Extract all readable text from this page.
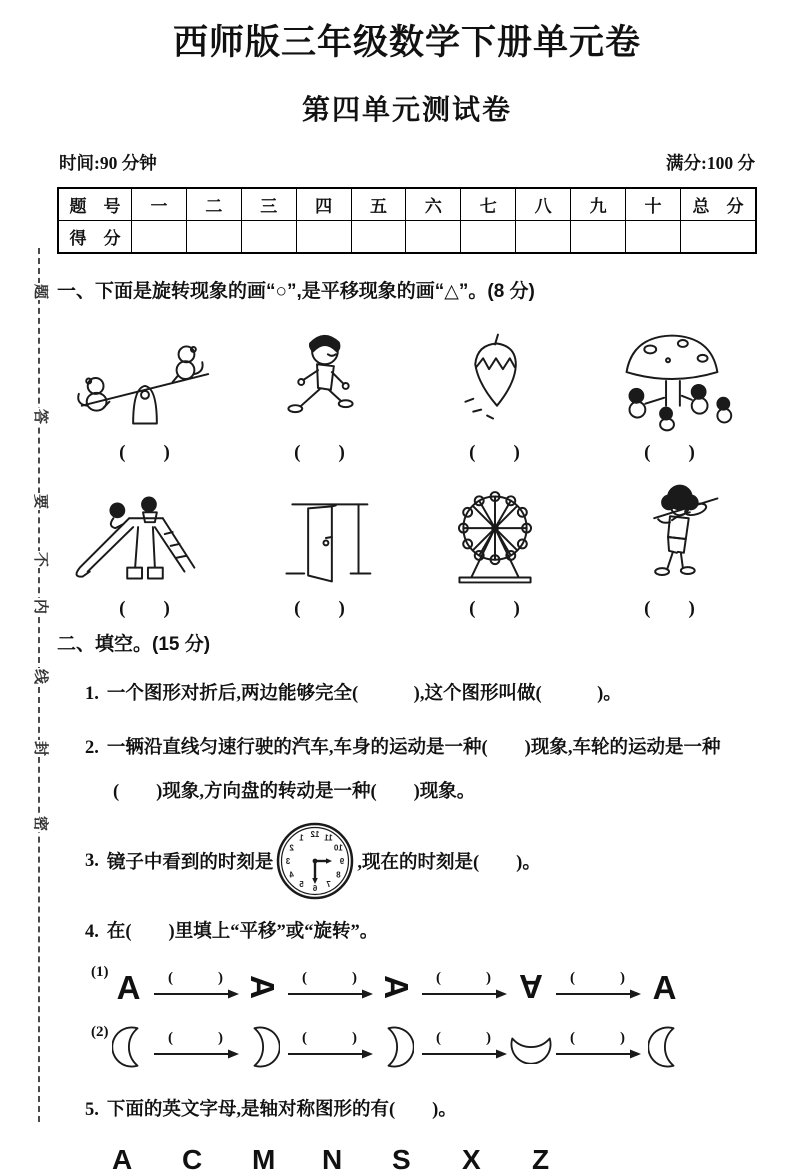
题
答
要
不
内
线
封
密
西师版三年级数学下册单元卷
第四单元测试卷
时间:90 分钟	满分:100 分
题　号	一	二	三	四	五	六	七	八	九	十	总　分
得　分											
一、下面是旋转现象的画“○”,是平移现象的画“△”。(8 分)
(　　)	(　　)	(　　)	(　　)
(　　)	(　　)	(　　)	(　　)
二、填空。(15 分)
1. 一个图形对折后,两边能够完全(　　　),这个图形叫做(　　　)。
2. 一辆沿直线匀速行驶的汽车,车身的运动是一种(　　)现象,车轮的运动是一种(　　)现象,方向盘的转动是一种(　　)现象。
3. 镜子中看到的时刻是
1
2
3
4
5 6 7
8
9
10
11
12
,现在的时刻是(　　)。
4. 在(　　)里填上“平移”或“旋转”。
(1) A	(　　　) A	(　　　) A	(　　　) A	(　　　) A
(2)	(　　　)	(　　　)	(　　　)	(　　　)
5. 下面的英文字母,是轴对称图形的有(　　)。
A	C	M	N	S	X	Z
